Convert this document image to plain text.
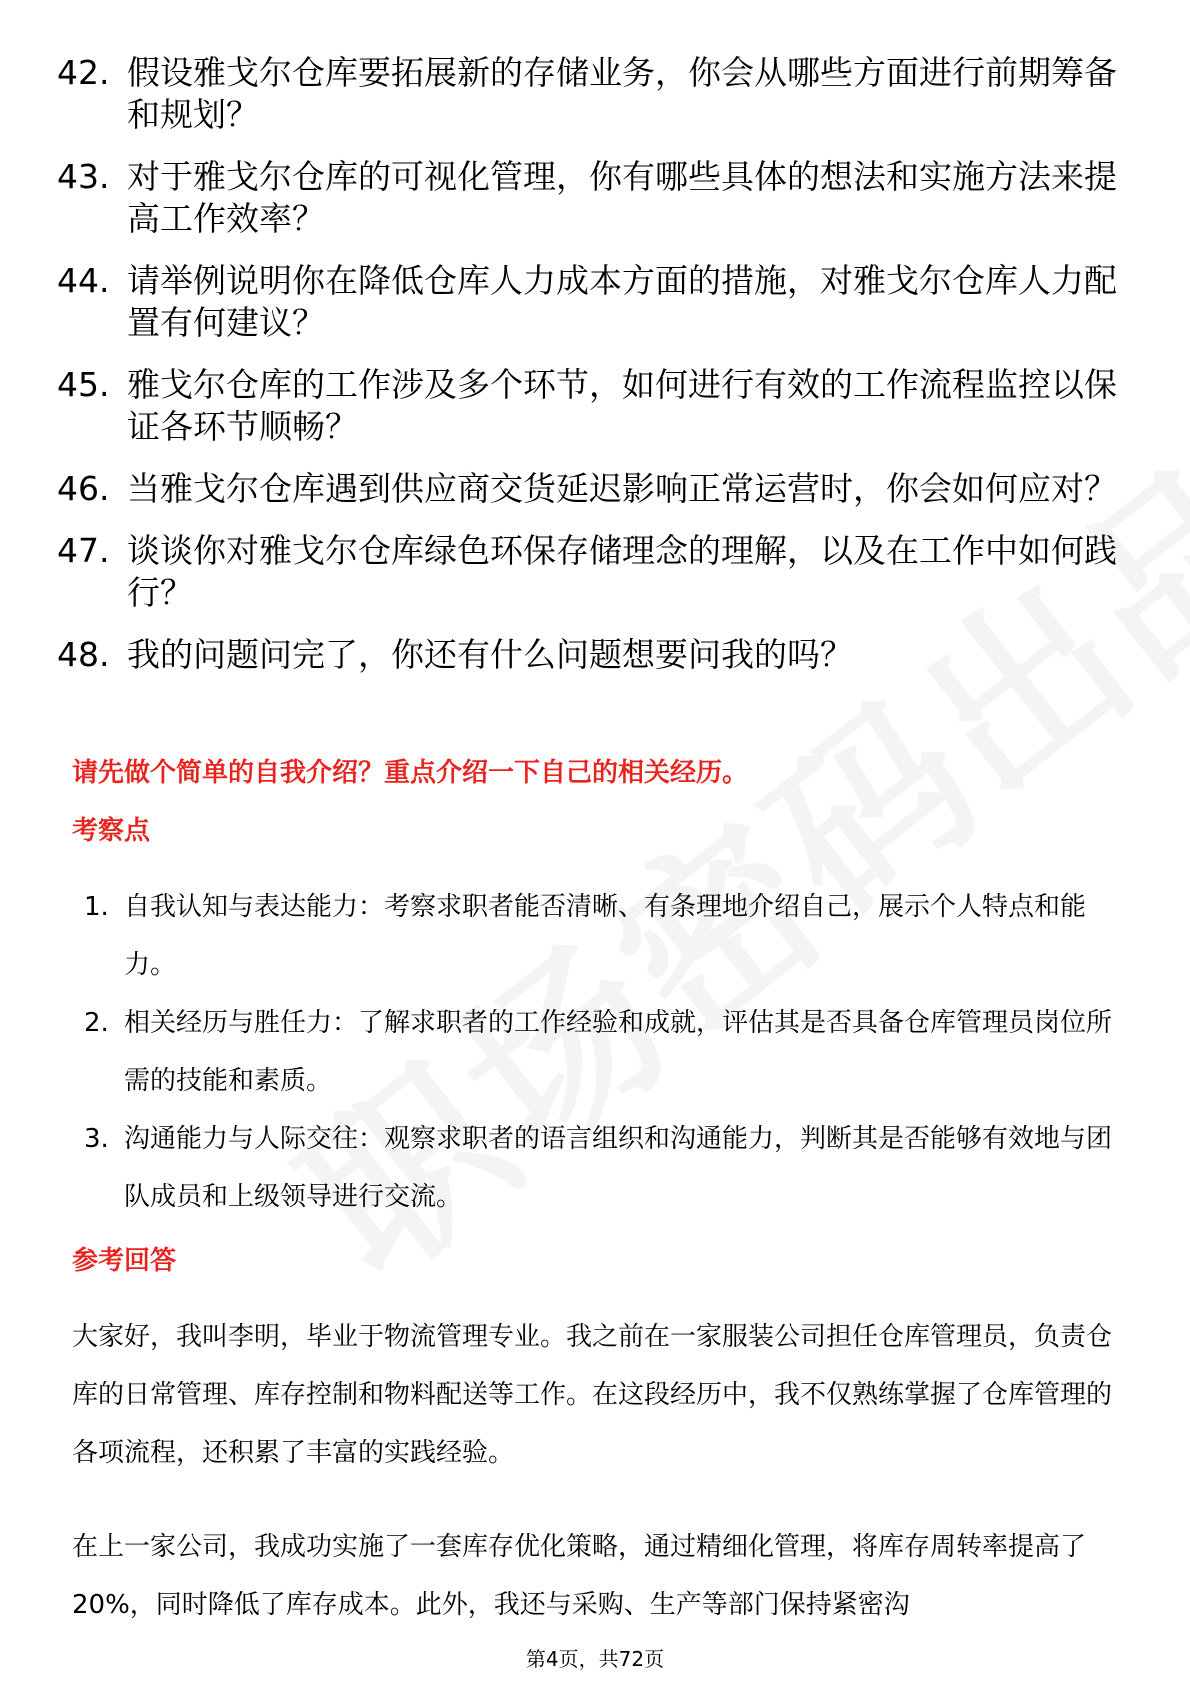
42. 假设雅戈尔仓库要拓展新的存储业务，你会从哪些方面进行前期筹备和规划？
43. 对于雅戈尔仓库的可视化管理，你有哪些具体的想法和实施方法来提高工作效率？
44. 请举例说明你在降低仓库人力成本方面的措施，对雅戈尔仓库人力配置有何建议？
45. 雅戈尔仓库的工作涉及多个环节，如何进行有效的工作流程监控以保证各环节顺畅？
46. 当雅戈尔仓库遇到供应商交货延迟影响正常运营时，你会如何应对？
47. 谈谈你对雅戈尔仓库绿色环保存储理念的理解，以及在工作中如何践行？
48. 我的问题问完了，你还有什么问题想要问我的吗？
请先做个简单的自我介绍？重点介绍一下自己的相关经历。
考察点
1. 自我认知与表达能力：考察求职者能否清晰、有条理地介绍自己，展示个人特点和能力。
2. 相关经历与胜任力：了解求职者的工作经验和成就，评估其是否具备仓库管理员岗位所需的技能和素质。
3. 沟通能力与人际交往：观察求职者的语言组织和沟通能力，判断其是否能够有效地与团队成员和上级领导进行交流。
参考回答

大家好，我叫李明，毕业于物流管理专业。我之前在一家服装公司担任仓库管理员，负责仓库的日常管理、库存控制和物料配送等工作。在这段经历中，我不仅熟练掌握了仓库管理的各项流程，还积累了丰富的实践经验。

在上一家公司，我成功实施了一套库存优化策略，通过精细化管理，将库存周转率提高了20%，同时降低了库存成本。此外，我还与采购、生产等部门保持紧密沟

第4页，共72页
